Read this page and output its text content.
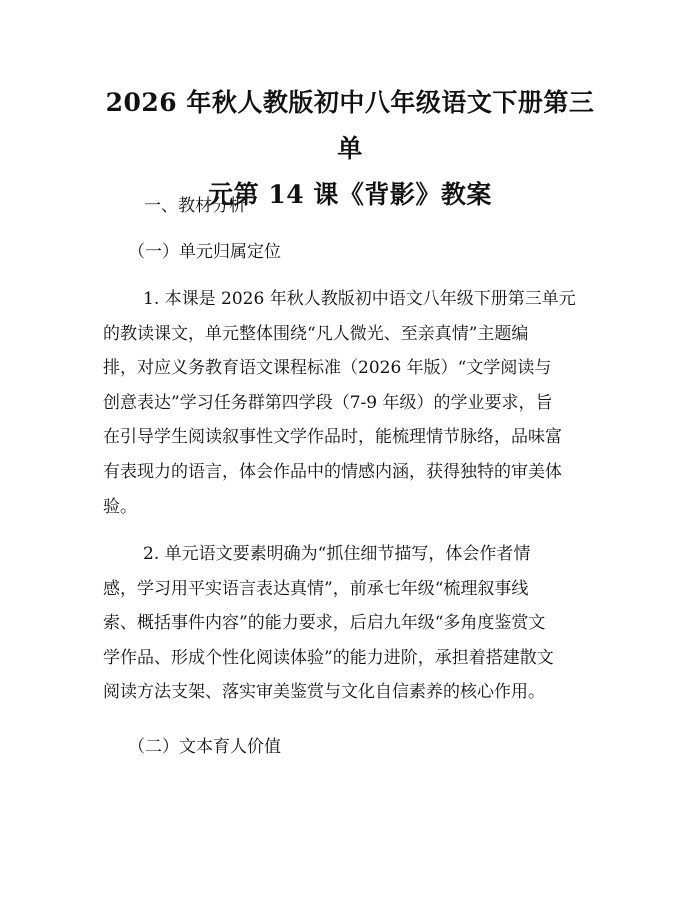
2026 年秋人教版初中八年级语文下册第三单
元第 14 课《背影》教案
一、教材分析
（一）单元归属定位
1. 本课是 2026 年秋人教版初中语文八年级下册第三单元
的教读课文，单元整体围绕“凡人微光、至亲真情”主题编
排，对应义务教育语文课程标准（2026 年版）“文学阅读与
创意表达”学习任务群第四学段（7-9 年级）的学业要求，旨
在引导学生阅读叙事性文学作品时，能梳理情节脉络，品味富
有表现力的语言，体会作品中的情感内涵，获得独特的审美体
验。
2. 单元语文要素明确为“抓住细节描写，体会作者情
感，学习用平实语言表达真情”，前承七年级“梳理叙事线
索、概括事件内容”的能力要求，后启九年级“多角度鉴赏文
学作品、形成个性化阅读体验”的能力进阶，承担着搭建散文
阅读方法支架、落实审美鉴赏与文化自信素养的核心作用。
（二）文本育人价值
